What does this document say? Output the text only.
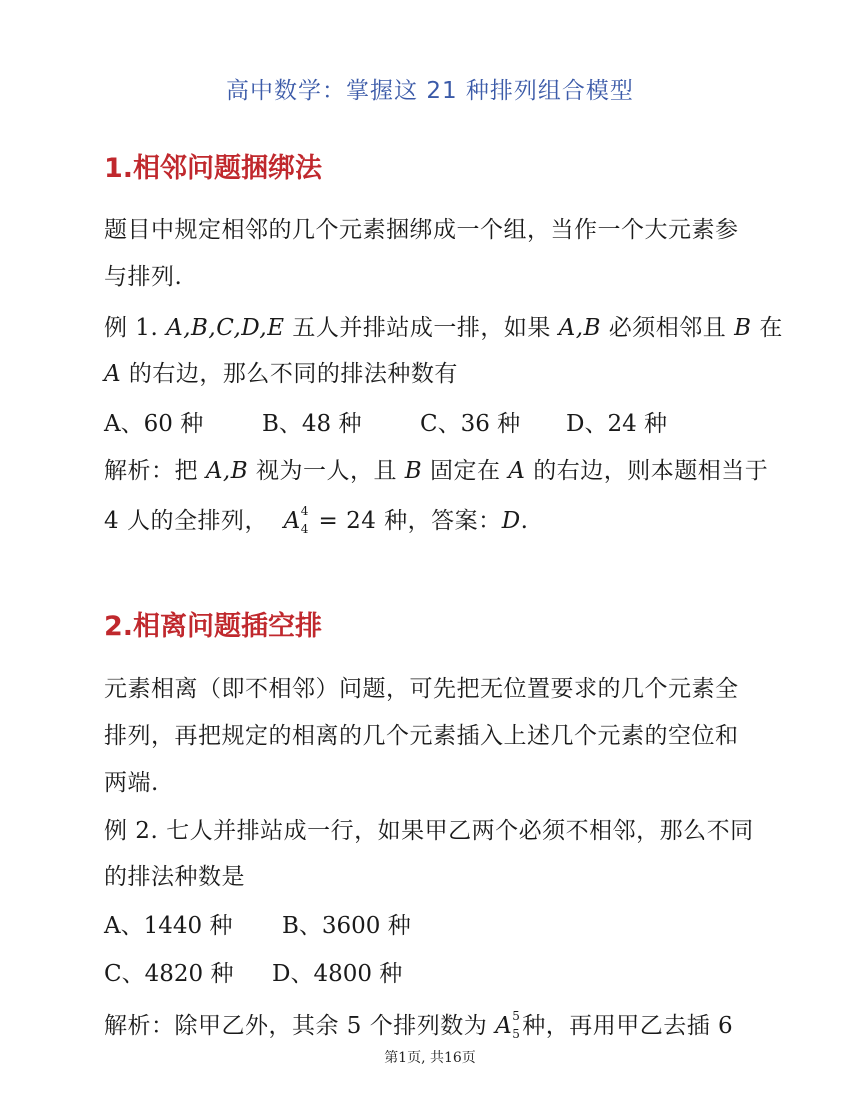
高中数学：掌握这 21 种排列组合模型
1.相邻问题捆绑法
题目中规定相邻的几个元素捆绑成一个组，当作一个大元素参
与排列.
例 1. A,B,C,D,E 五人并排站成一排，如果 A,B 必须相邻且 B 在
A 的右边，那么不同的排法种数有
A、60 种	B、48 种	C、36 种 D、24 种
解析：把 A,B 视为一人，且 B 固定在 A 的右边，则本题相当于
4 人的全排列，  A 4
4 = 24 种，答案：D.
2.相离问题插空排
元素相离（即不相邻）问题，可先把无位置要求的几个元素全
排列，再把规定的相离的几个元素插入上述几个元素的空位和
两端.
例 2. 七人并排站成一行，如果甲乙两个必须不相邻，那么不同
的排法种数是
A、1440 种 B、3600 种
C、4820 种 D、4800 种
解析：除甲乙外，其余 5 个排列数为 A 5
5 种，再用甲乙去插 6
第1页, 共16页
